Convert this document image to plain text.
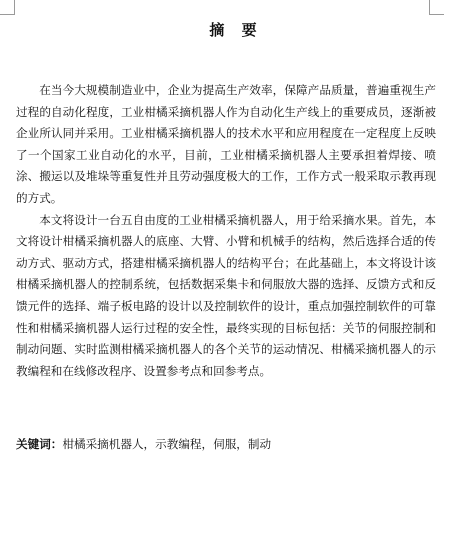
摘 要

在当今大规模制造业中，企业为提高生产效率，保障产品质量，普遍重视生产过程的自动化程度，工业柑橘采摘机器人作为自动化生产线上的重要成员，逐渐被企业所认同并采用。工业柑橘采摘机器人的技术水平和应用程度在一定程度上反映了一个国家工业自动化的水平，目前，工业柑橘采摘机器人主要承担着焊接、喷涂、搬运以及堆垛等重复性并且劳动强度极大的工作，工作方式一般采取示教再现的方式。

本文将设计一台五自由度的工业柑橘采摘机器人，用于给采摘水果。首先，本文将设计柑橘采摘机器人的底座、大臂、小臂和机械手的结构，然后选择合适的传动方式、驱动方式，搭建柑橘采摘机器人的结构平台；在此基础上，本文将设计该柑橘采摘机器人的控制系统，包括数据采集卡和伺服放大器的选择、反馈方式和反馈元件的选择、端子板电路的设计以及控制软件的设计，重点加强控制软件的可靠性和柑橘采摘机器人运行过程的安全性，最终实现的目标包括：关节的伺服控制和制动问题、实时监测柑橘采摘机器人的各个关节的运动情况、柑橘采摘机器人的示教编程和在线修改程序、设置参考点和回参考点。

关键词：柑橘采摘机器人，示教编程，伺服，制动
